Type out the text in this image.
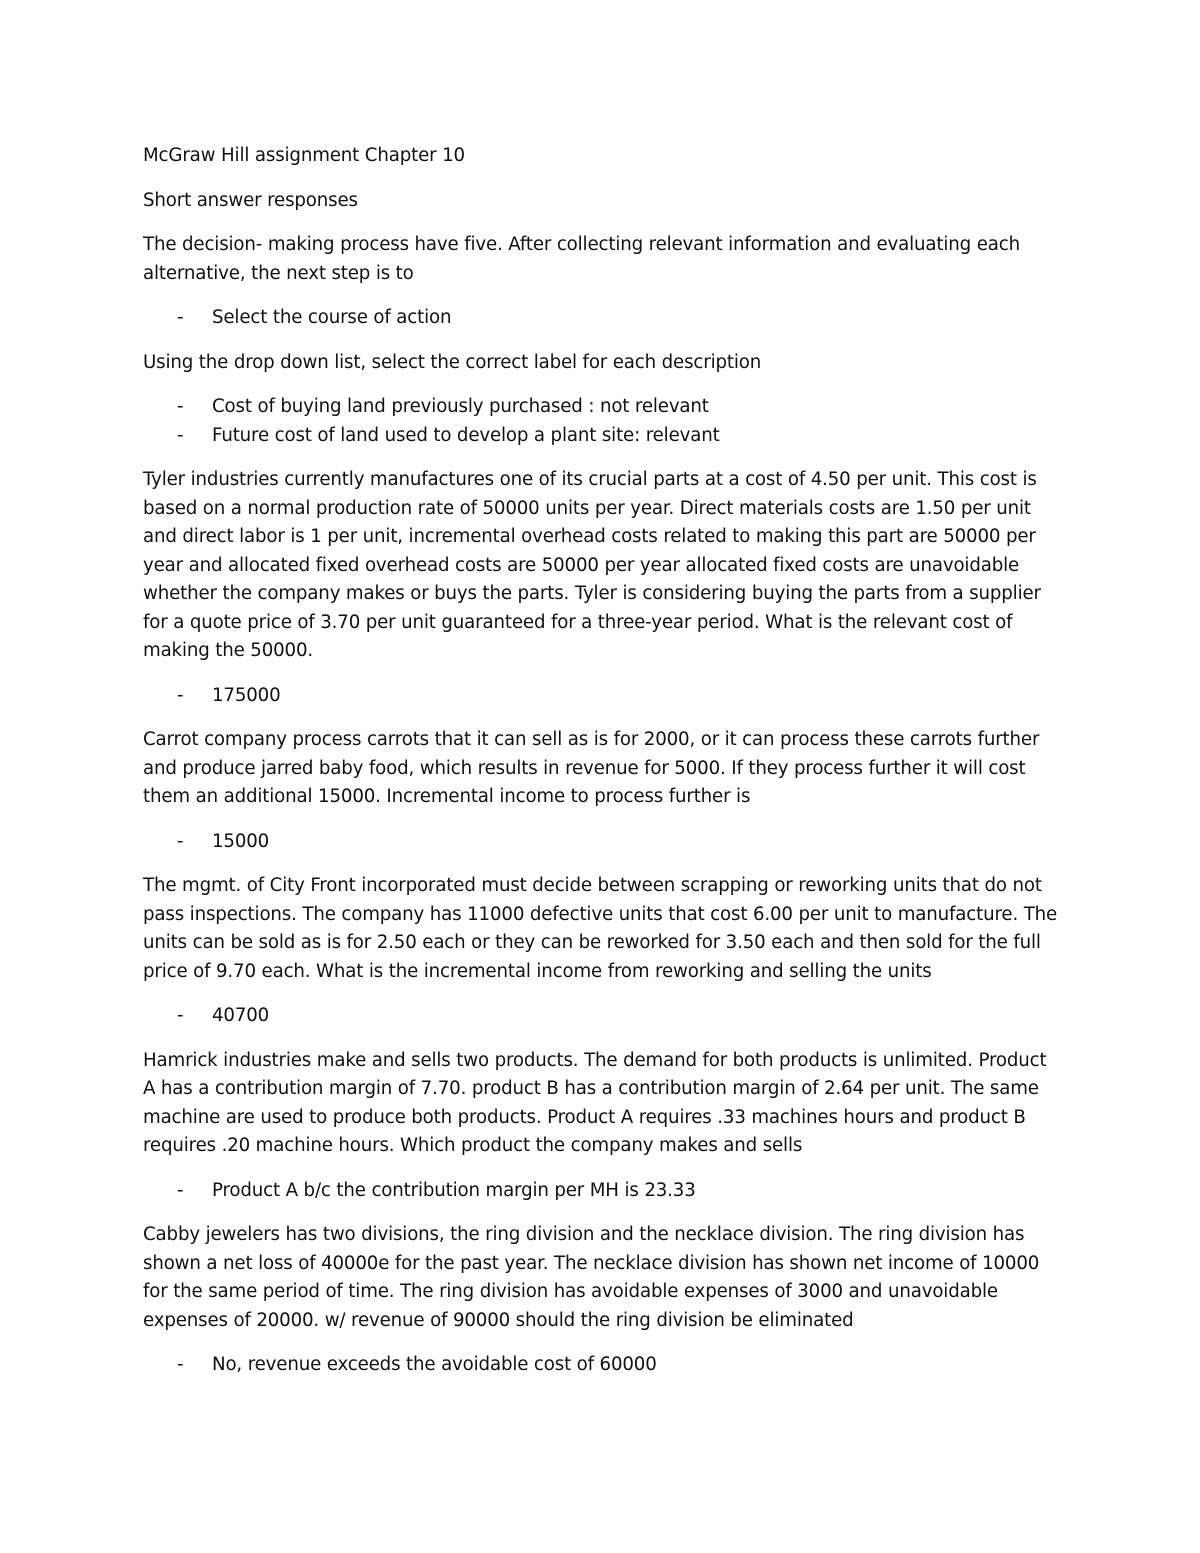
McGraw Hill assignment Chapter 10

Short answer responses

The decision- making process have five. After collecting relevant information and evaluating each alternative, the next step is to

- Select the course of action

Using the drop down list, select the correct label for each description

- Cost of buying land previously purchased : not relevant
- Future cost of land used to develop a plant site: relevant

Tyler industries currently manufactures one of its crucial parts at a cost of 4.50 per unit. This cost is based on a normal production rate of 50000 units per year. Direct materials costs are 1.50 per unit and direct labor is 1 per unit, incremental overhead costs related to making this part are 50000 per year and allocated fixed overhead costs are 50000 per year allocated fixed costs are unavoidable whether the company makes or buys the parts. Tyler is considering buying the parts from a supplier for a quote price of 3.70 per unit guaranteed for a three-year period. What is the relevant cost of making the 50000.

- 175000

Carrot company process carrots that it can sell as is for 2000, or it can process these carrots further and produce jarred baby food, which results in revenue for 5000. If they process further it will cost them an additional 15000. Incremental income to process further is

- 15000

The mgmt. of City Front incorporated must decide between scrapping or reworking units that do not pass inspections. The company has 11000 defective units that cost 6.00 per unit to manufacture. The units can be sold as is for 2.50 each or they can be reworked for 3.50 each and then sold for the full price of 9.70 each. What is the incremental income from reworking and selling the units

- 40700

Hamrick industries make and sells two products. The demand for both products is unlimited. Product A has a contribution margin of 7.70. product B has a contribution margin of 2.64 per unit. The same machine are used to produce both products. Product A requires .33 machines hours and product B requires .20 machine hours. Which product the company makes and sells

- Product A b/c the contribution margin per MH is 23.33

Cabby jewelers has two divisions, the ring division and the necklace division. The ring division has shown a net loss of 40000e for the past year. The necklace division has shown net income of 10000 for the same period of time. The ring division has avoidable expenses of 3000 and unavoidable expenses of 20000. w/ revenue of 90000 should the ring division be eliminated

- No, revenue exceeds the avoidable cost of 60000
